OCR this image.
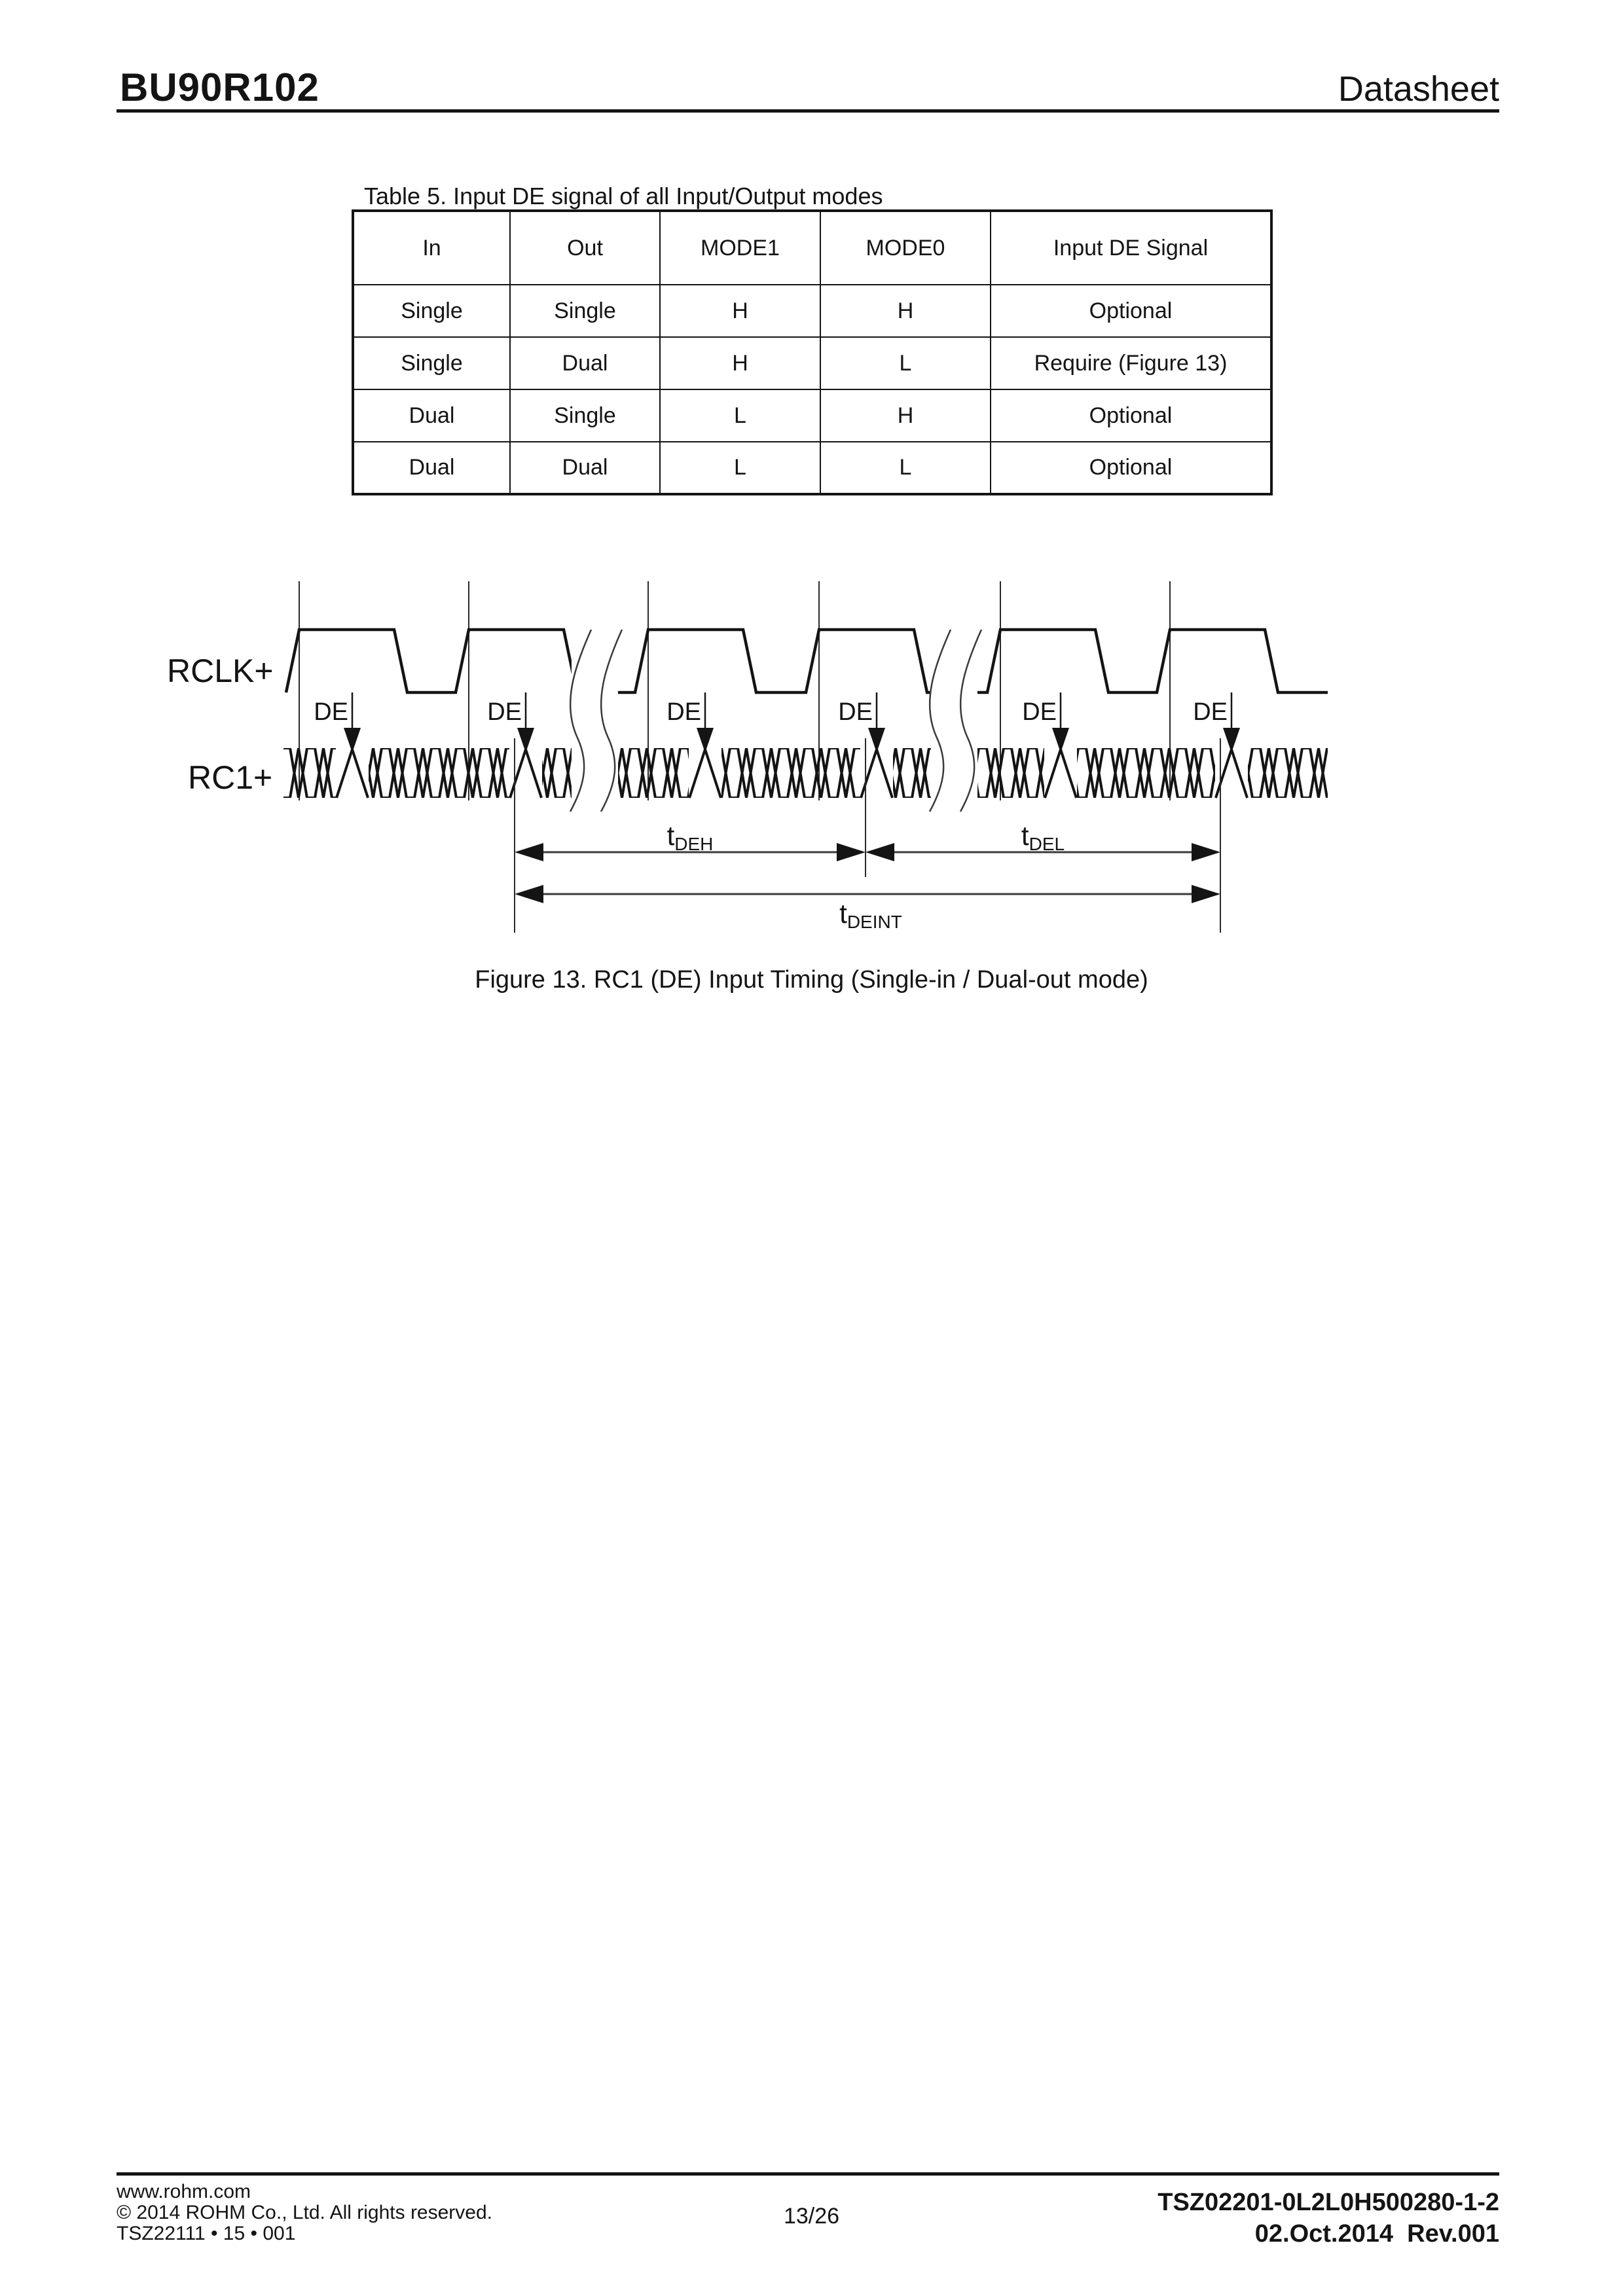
BU90R102	Datasheet
Table 5. Input DE signal of all Input/Output modes
In	Out	MODE1	MODE0	Input DE Signal
Single	Single	H	H	Optional
Single	Dual	H	L	Require (Figure 13)
Dual	Single	L	H	Optional
Dual	Dual	L	L	Optional
RCLK+
RC1+
DE	DE	DE	DE	DE	DE
tDEH	tDEL
tDEINT
Figure 13. RC1 (DE) Input Timing (Single-in / Dual-out mode)
www.rohm.com
© 2014 ROHM Co., Ltd. All rights reserved.
TSZ22111 • 15 • 001
13/26	TSZ02201-0L2L0H500280-1-2
02.Oct.2014  Rev.001
